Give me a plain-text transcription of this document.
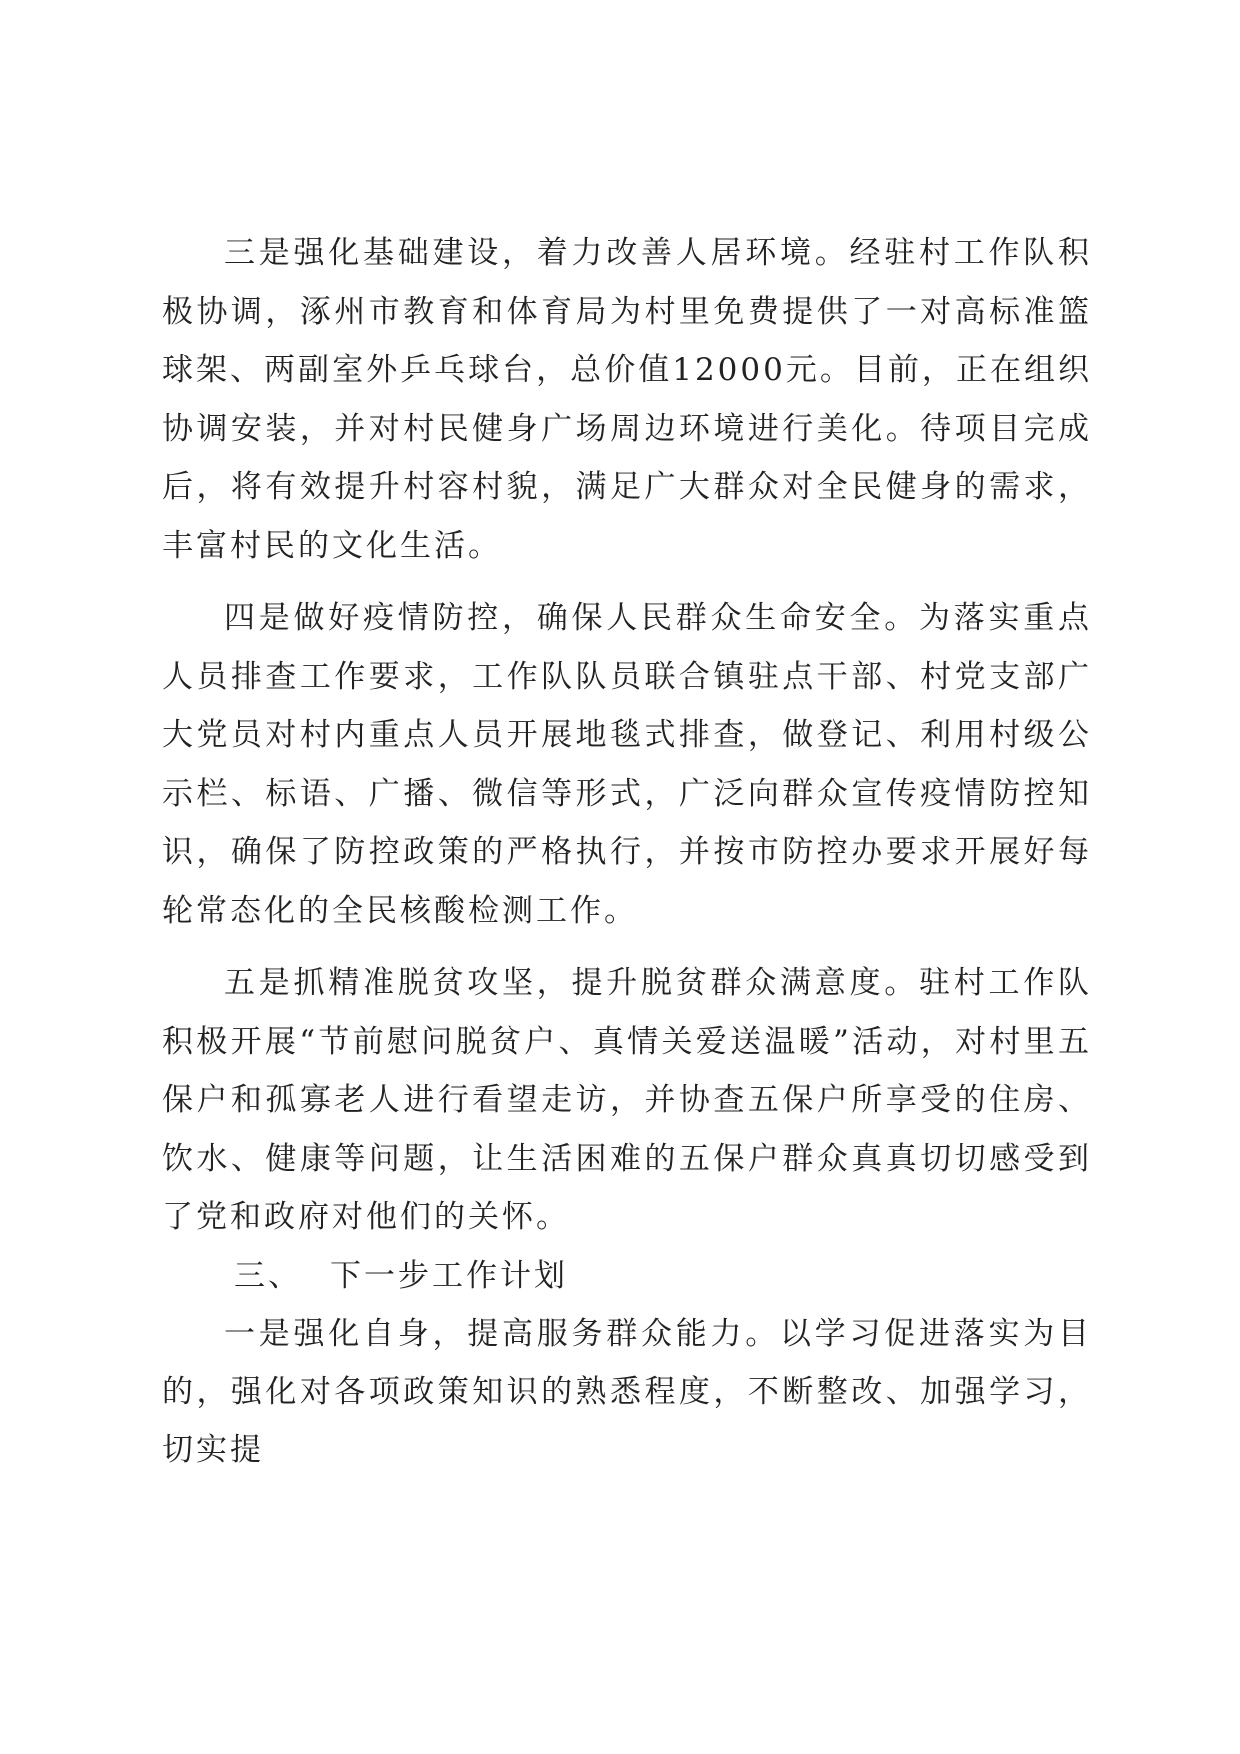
三是强化基础建设，着力改善人居环境。经驻村工作队积极协调，涿州市教育和体育局为村里免费提供了一对高标准篮球架、两副室外乒乓球台，总价值12000元。目前，正在组织协调安装，并对村民健身广场周边环境进行美化。待项目完成后，将有效提升村容村貌，满足广大群众对全民健身的需求，丰富村民的文化生活。

四是做好疫情防控，确保人民群众生命安全。为落实重点人员排查工作要求，工作队队员联合镇驻点干部、村党支部广大党员对村内重点人员开展地毯式排查，做登记、利用村级公示栏、标语、广播、微信等形式，广泛向群众宣传疫情防控知识，确保了防控政策的严格执行，并按市防控办要求开展好每轮常态化的全民核酸检测工作。

五是抓精准脱贫攻坚，提升脱贫群众满意度。驻村工作队积极开展“节前慰问脱贫户、真情关爱送温暖”活动，对村里五保户和孤寡老人进行看望走访，并协查五保户所享受的住房、饮水、健康等问题，让生活困难的五保户群众真真切切感受到了党和政府对他们的关怀。

三、 下一步工作计划

一是强化自身，提高服务群众能力。以学习促进落实为目的，强化对各项政策知识的熟悉程度，不断整改、加强学习，切实提
